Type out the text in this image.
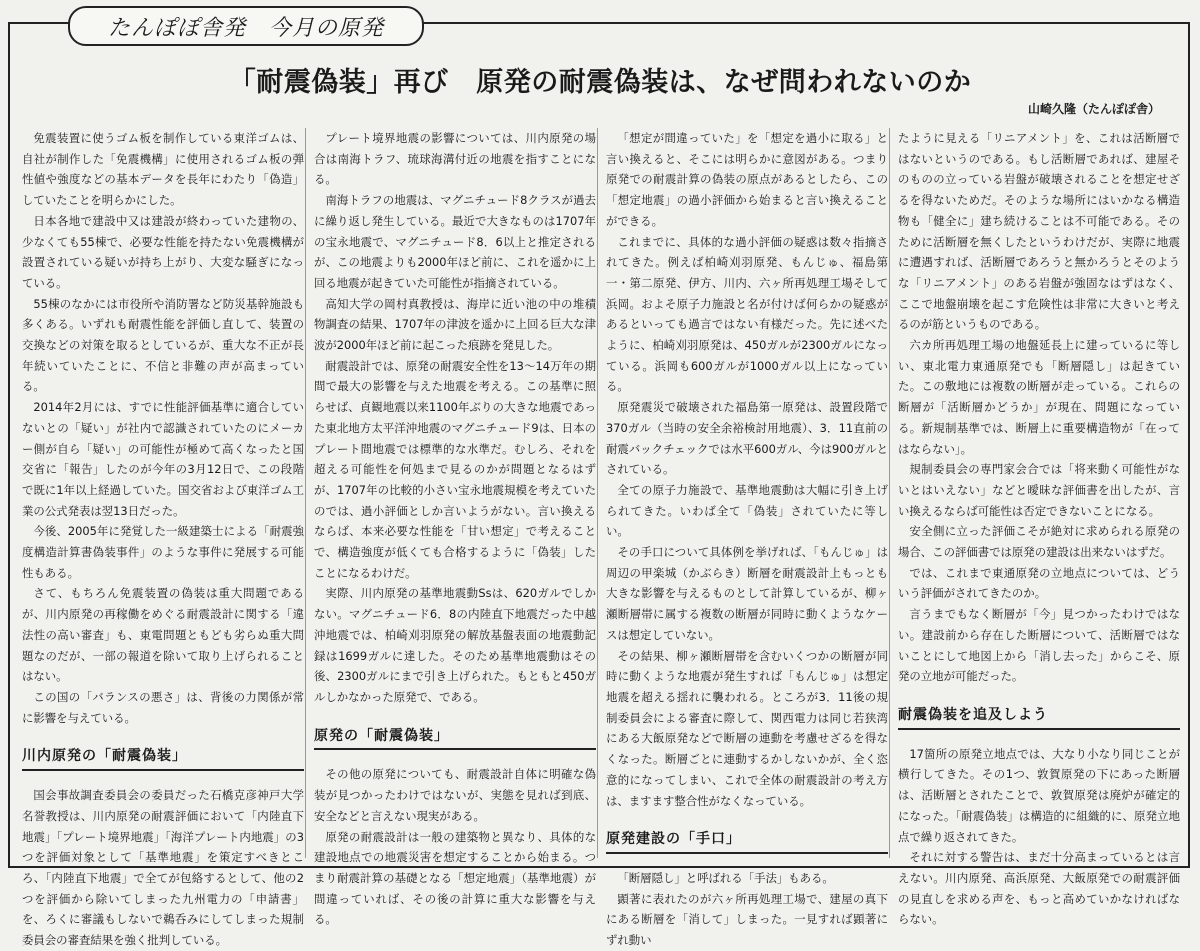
たんぽぽ舎発　今月の原発
「耐震偽装」再び　原発の耐震偽装は、なぜ問われないのか
山崎久隆（たんぽぽ舎）

免震装置に使うゴム板を制作している東洋ゴムは、自社が制作した「免震機構」に使用されるゴム板の弾性値や強度などの基本データを長年にわたり「偽造」していたことを明らかにした。

日本各地で建設中又は建設が終わっていた建物の、少なくても55棟で、必要な性能を持たない免震機構が設置されている疑いが持ち上がり、大変な騒ぎになっている。

55棟のなかには市役所や消防署など防災基幹施設も多くある。いずれも耐震性能を評価し直して、装置の交換などの対策を取るとしているが、重大な不正が長年続いていたことに、不信と非難の声が高まっている。

2014年2月には、すでに性能評価基準に適合していないとの「疑い」が社内で認識されていたのにメーカー側が自ら「疑い」の可能性が極めて高くなったと国交省に「報告」したのが今年の3月12日で、この段階で既に1年以上経過していた。国交省および東洋ゴム工業の公式発表は翌13日だった。

今後、2005年に発覚した一級建築士による「耐震強度構造計算書偽装事件」のような事件に発展する可能性もある。

さて、もちろん免震装置の偽装は重大問題であるが、川内原発の再稼働をめぐる耐震設計に関する「違法性の高い審査」も、東電問題ともども劣らぬ重大問題なのだが、一部の報道を除いて取り上げられることはない。

この国の「バランスの悪さ」は、背後の力関係が常に影響を与えている。

川内原発の「耐震偽装」

国会事故調査委員会の委員だった石橋克彦神戸大学名誉教授は、川内原発の耐震評価において「内陸直下地震」「プレート境界地震」「海洋プレート内地震」の3つを評価対象として「基準地震」を策定すべきところ、「内陸直下地震」で全てが包絡するとして、他の2つを評価から除いてしまった九州電力の「申請書」を、ろくに審議もしないで鵜呑みにしてしまった規制委員会の審査結果を強く批判している。

プレート境界地震の影響については、川内原発の場合は南海トラフ、琉球海溝付近の地震を指すことになる。

南海トラフの地震は、マグニチュード8クラスが過去に繰り返し発生している。最近で大きなものは1707年の宝永地震で、マグニチュード8．6以上と推定されるが、この地震よりも2000年ほど前に、これを遥かに上回る地震が起きていた可能性が指摘されている。

高知大学の岡村真教授は、海岸に近い池の中の堆積物調査の結果、1707年の津波を遥かに上回る巨大な津波が2000年ほど前に起こった痕跡を発見した。

耐震設計では、原発の耐震安全性を13～14万年の期間で最大の影響を与えた地震を考える。この基準に照らせば、貞観地震以来1100年ぶりの大きな地震であった東北地方太平洋沖地震のマグニチュード9は、日本のプレート間地震では標準的な水準だ。むしろ、それを超える可能性を何処まで見るのかが問題となるはずが、1707年の比較的小さい宝永地震規模を考えていたのでは、過小評価としか言いようがない。言い換えるならば、本来必要な性能を「甘い想定」で考えることで、構造強度が低くても合格するように「偽装」したことになるわけだ。

実際、川内原発の基準地震動Ssは、620ガルでしかない。マグニチュード6．8の内陸直下地震だった中越沖地震では、柏崎刈羽原発の解放基盤表面の地震動記録は1699ガルに達した。そのため基準地震動はその後、2300ガルにまで引き上げられた。もともと450ガルしかなかった原発で、である。

原発の「耐震偽装」

その他の原発についても、耐震設計自体に明確な偽装が見つかったわけではないが、実態を見れば到底、安全などと言えない現実がある。

原発の耐震設計は一般の建築物と異なり、具体的な建設地点での地震災害を想定することから始まる。つまり耐震計算の基礎となる「想定地震」（基準地震）が間違っていれば、その後の計算に重大な影響を与える。

「想定が間違っていた」を「想定を過小に取る」と言い換えると、そこには明らかに意図がある。つまり原発での耐震計算の偽装の原点があるとしたら、この「想定地震」の過小評価から始まると言い換えることができる。

これまでに、具体的な過小評価の疑惑は数々指摘されてきた。例えば柏崎刈羽原発、もんじゅ、福島第一・第二原発、伊方、川内、六ヶ所再処理工場そして浜岡。およそ原子力施設と名が付けば何らかの疑惑があるといっても過言ではない有様だった。先に述べたように、柏崎刈羽原発は、450ガルが2300ガルになっている。浜岡も600ガルが1000ガル以上になっている。

原発震災で破壊された福島第一原発は、設置段階で370ガル（当時の安全余裕検討用地震）、3．11直前の耐震バックチェックでは水平600ガル、今は900ガルとされている。

全ての原子力施設で、基準地震動は大幅に引き上げられてきた。いわば全て「偽装」されていたに等しい。

その手口について具体例を挙げれば、「もんじゅ」は周辺の甲楽城（かぶらき）断層を耐震設計上もっとも大きな影響を与えるものとして計算しているが、柳ヶ瀬断層帯に属する複数の断層が同時に動くようなケースは想定していない。

その結果、柳ヶ瀬断層帯を含むいくつかの断層が同時に動くような地震が発生すれば「もんじゅ」は想定地震を超える揺れに襲われる。ところが3．11後の規制委員会による審査に際して、関西電力は同じ若狭湾にある大飯原発などで断層の連動を考慮せざるを得なくなった。断層ごとに連動するかしないかが、全く恣意的になってしまい、これで全体の耐震設計の考え方は、ますます整合性がなくなっている。

原発建設の「手口」

「断層隠し」と呼ばれる「手法」もある。

顕著に表れたのが六ヶ所再処理工場で、建屋の真下にある断層を「消して」しまった。一見すれば顕著にずれ動い

たように見える「リニアメント」を、これは活断層ではないというのである。もし活断層であれば、建屋そのものの立っている岩盤が破壊されることを想定せざるを得ないためだ。そのような場所にはいかなる構造物も「健全に」建ち続けることは不可能である。そのために活断層を無くしたというわけだが、実際に地震に遭遇すれば、活断層であろうと無かろうとそのような「リニアメント」のある岩盤が強固なはずはなく、ここで地盤崩壊を起こす危険性は非常に大きいと考えるのが筋というものである。

六カ所再処理工場の地盤延長上に建っているに等しい、東北電力東通原発でも「断層隠し」は起きていた。この敷地には複数の断層が走っている。これらの断層が「活断層かどうか」が現在、問題になっている。新規制基準では、断層上に重要構造物が「在ってはならない」。

規制委員会の専門家会合では「将来動く可能性がないとはいえない」などと曖昧な評価書を出したが、言い換えるならば可能性は否定できないことになる。

安全側に立った評価こそが絶対に求められる原発の場合、この評価書では原発の建設は出来ないはずだ。

では、これまで東通原発の立地点については、どういう評価がされてきたのか。

言うまでもなく断層が「今」見つかったわけではない。建設前から存在した断層について、活断層ではないことにして地図上から「消し去った」からこそ、原発の立地が可能だった。

耐震偽装を追及しよう

17箇所の原発立地点では、大なり小なり同じことが横行してきた。その1つ、敦賀原発の下にあった断層は、活断層とされたことで、敦賀原発は廃炉が確定的になった。「耐震偽装」は構造的に組織的に、原発立地点で繰り返されてきた。

それに対する警告は、まだ十分高まっているとは言えない。川内原発、高浜原発、大飯原発での耐震評価の見直しを求める声を、もっと高めていかなければならない。
